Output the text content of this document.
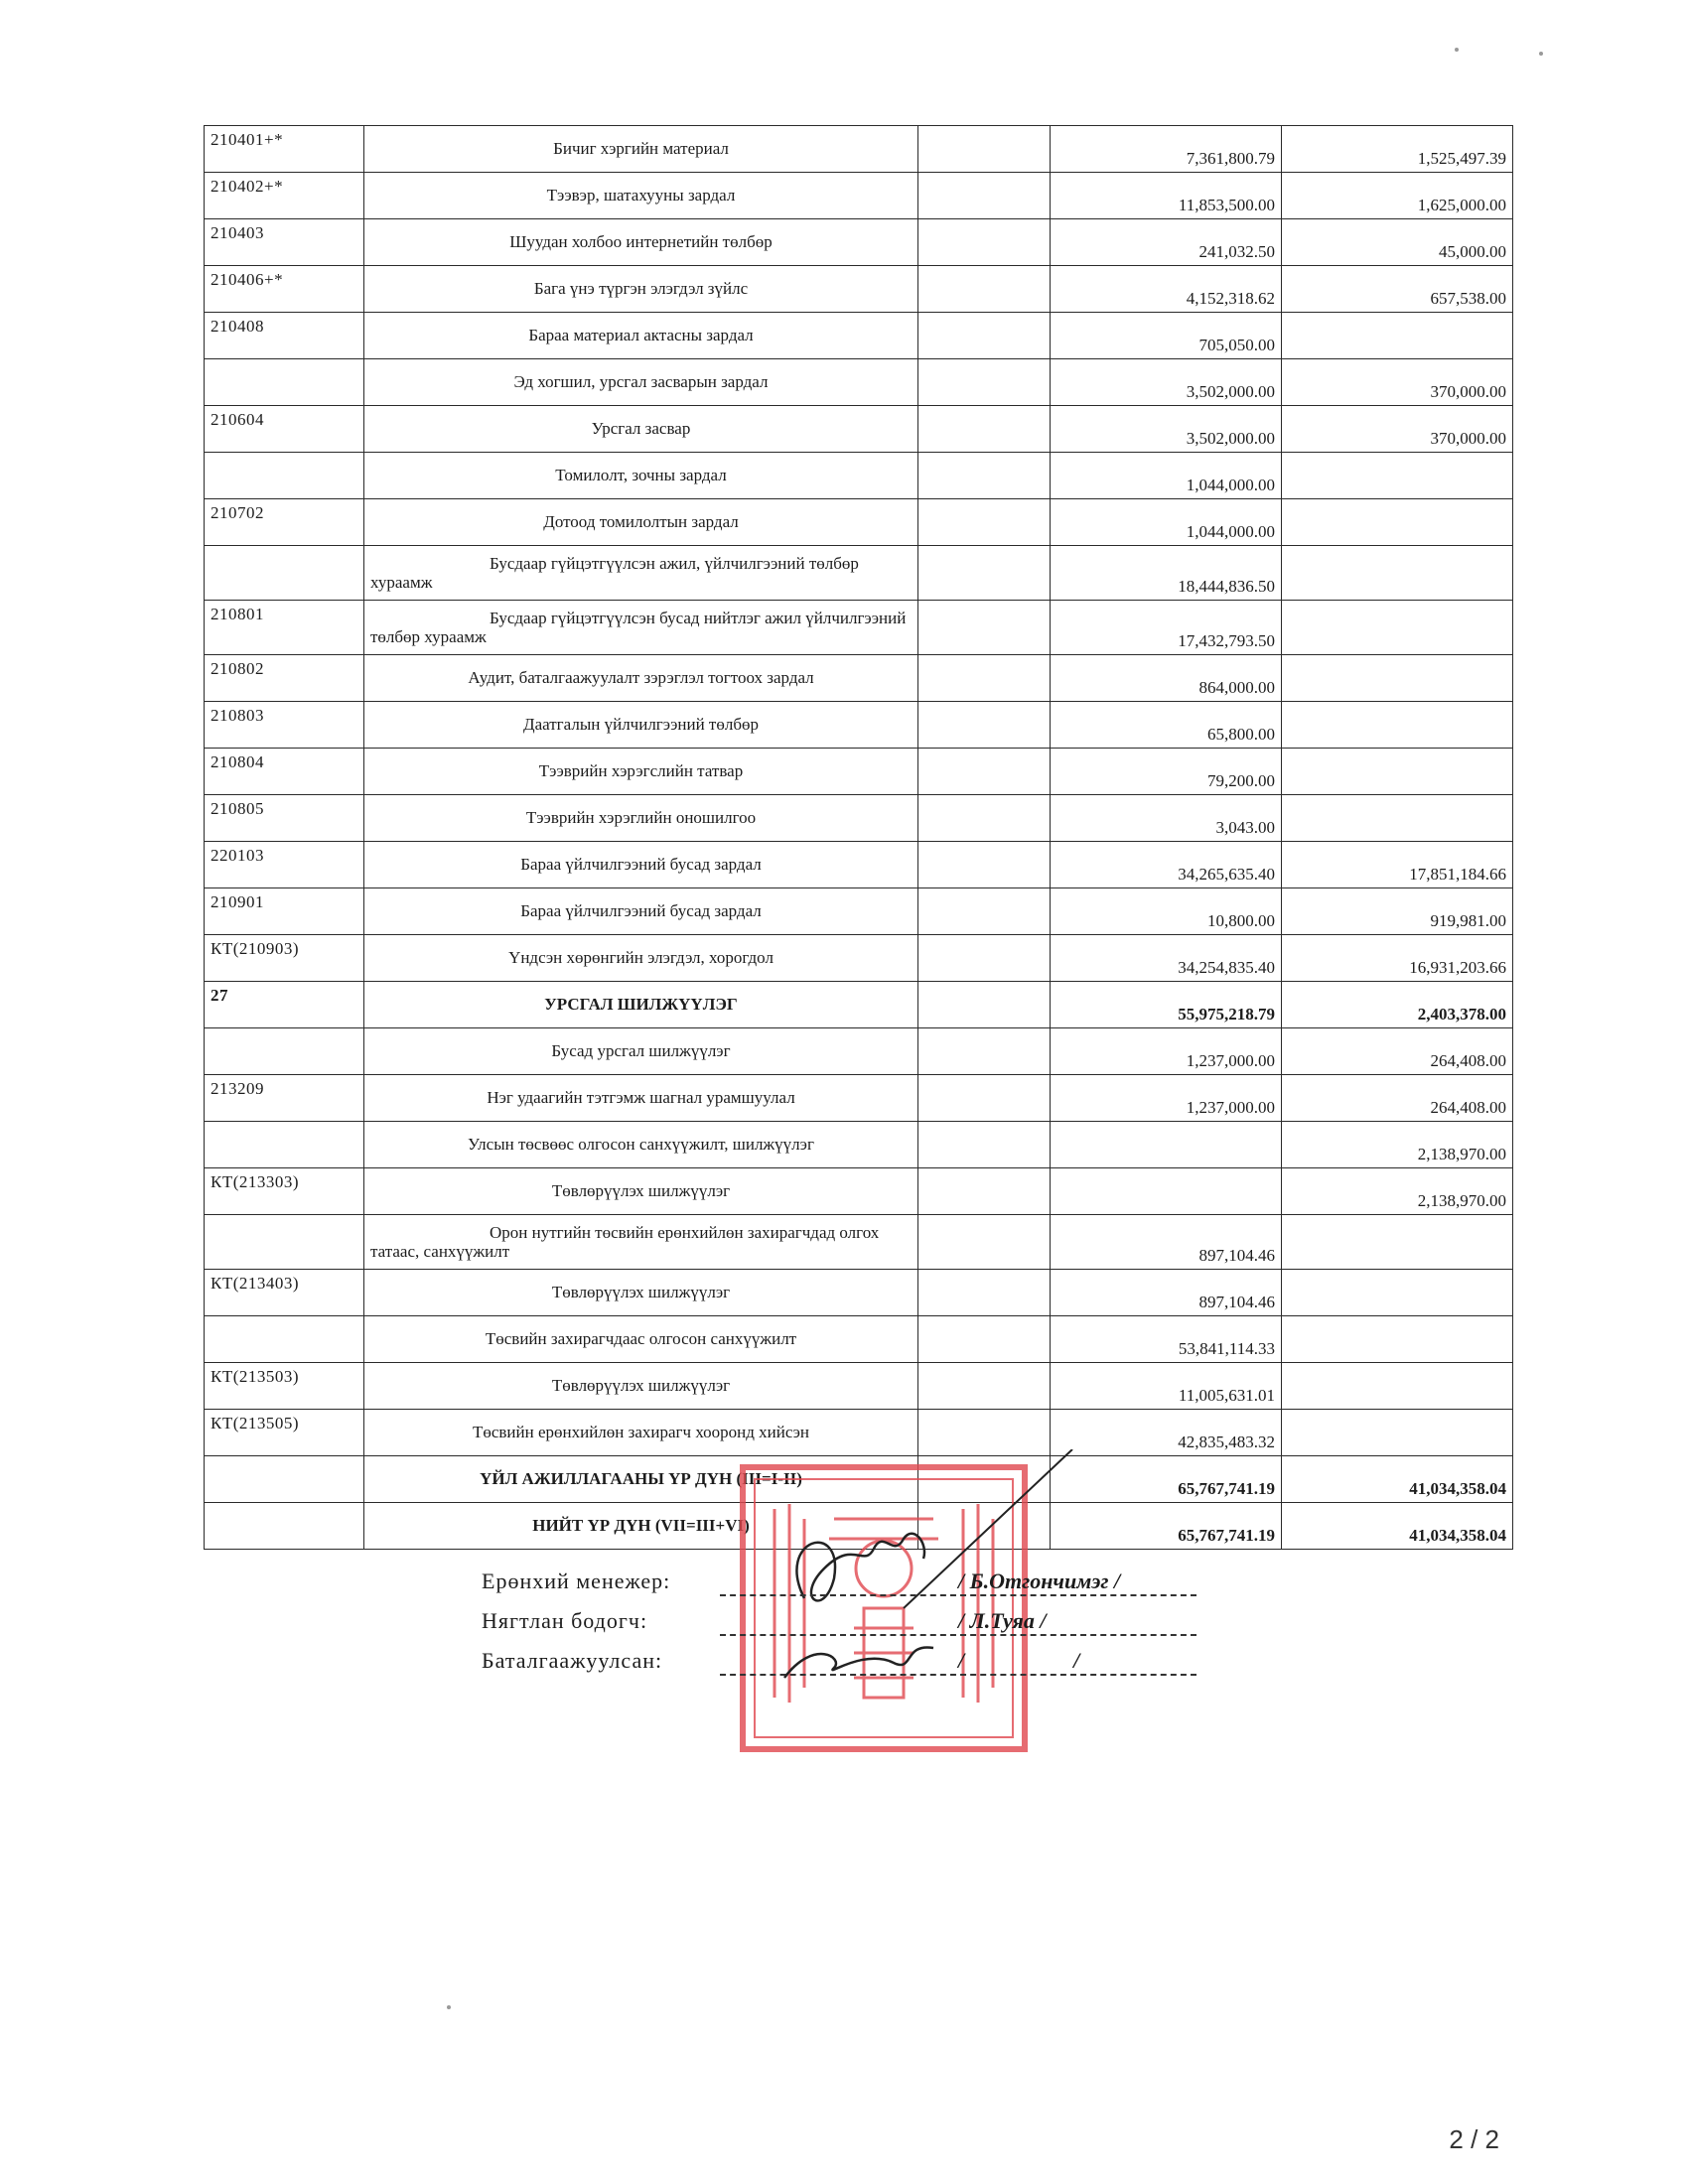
210401+*	Бичиг хэргийн материал		7,361,800.79	1,525,497.39
210402+*	Тээвэр, шатахууны зардал		11,853,500.00	1,625,000.00
210403	Шуудан холбоо интернетийн төлбөр		241,032.50	45,000.00
210406+*	Бага үнэ түргэн элэгдэл зүйлс		4,152,318.62	657,538.00
210408	Бараа материал актасны зардал		705,050.00	
	Эд хогшил, урсгал засварын зардал		3,502,000.00	370,000.00
210604	Урсгал засвар		3,502,000.00	370,000.00
	Томилолт, зочны зардал		1,044,000.00	
210702	Дотоод томилолтын зардал		1,044,000.00	
	Бусдаар гүйцэтгүүлсэн ажил, үйлчилгээний төлбөр хураамж		18,444,836.50	
210801	Бусдаар гүйцэтгүүлсэн бусад нийтлэг ажил үйлчилгээний төлбөр хураамж		17,432,793.50	
210802	Аудит, баталгаажуулалт зэрэглэл тогтоох зардал		864,000.00	
210803	Даатгалын үйлчилгээний төлбөр		65,800.00	
210804	Тээврийн хэрэгслийн татвар		79,200.00	
210805	Тээврийн хэрэглийн оношилгоо		3,043.00	
220103	Бараа үйлчилгээний бусад зардал		34,265,635.40	17,851,184.66
210901	Бараа үйлчилгээний бусад зардал		10,800.00	919,981.00
КТ(210903)	Үндсэн хөрөнгийн элэгдэл, хорогдол		34,254,835.40	16,931,203.66
27	УРСГАЛ ШИЛЖҮҮЛЭГ		55,975,218.79	2,403,378.00
	Бусад урсгал шилжүүлэг		1,237,000.00	264,408.00
213209	Нэг удаагийн тэтгэмж шагнал урамшуулал		1,237,000.00	264,408.00
	Улсын төсвөөс олгосон санхүүжилт, шилжүүлэг			2,138,970.00
КТ(213303)	Төвлөрүүлэх шилжүүлэг			2,138,970.00
	Орон нутгийн төсвийн ерөнхийлөн захирагчдад олгох татаас, санхүүжилт		897,104.46	
КТ(213403)	Төвлөрүүлэх шилжүүлэг		897,104.46	
	Төсвийн захирагчдаас олгосон санхүүжилт		53,841,114.33	
КТ(213503)	Төвлөрүүлэх шилжүүлэг		11,005,631.01	
КТ(213505)	Төсвийн ерөнхийлөн захирагч хооронд хийсэн		42,835,483.32	
	ҮЙЛ АЖИЛЛАГААНЫ ҮР ДҮН (III=I-II)		65,767,741.19	41,034,358.04
	НИЙТ ҮР ДҮН (VII=III+VI)		65,767,741.19	41,034,358.04
Ерөнхий менежер:	/ Б.Отгончимэг /
Нягтлан бодогч:	/ Л.Туяа /
Баталгаажуулсан:	/                    /
2 / 2
